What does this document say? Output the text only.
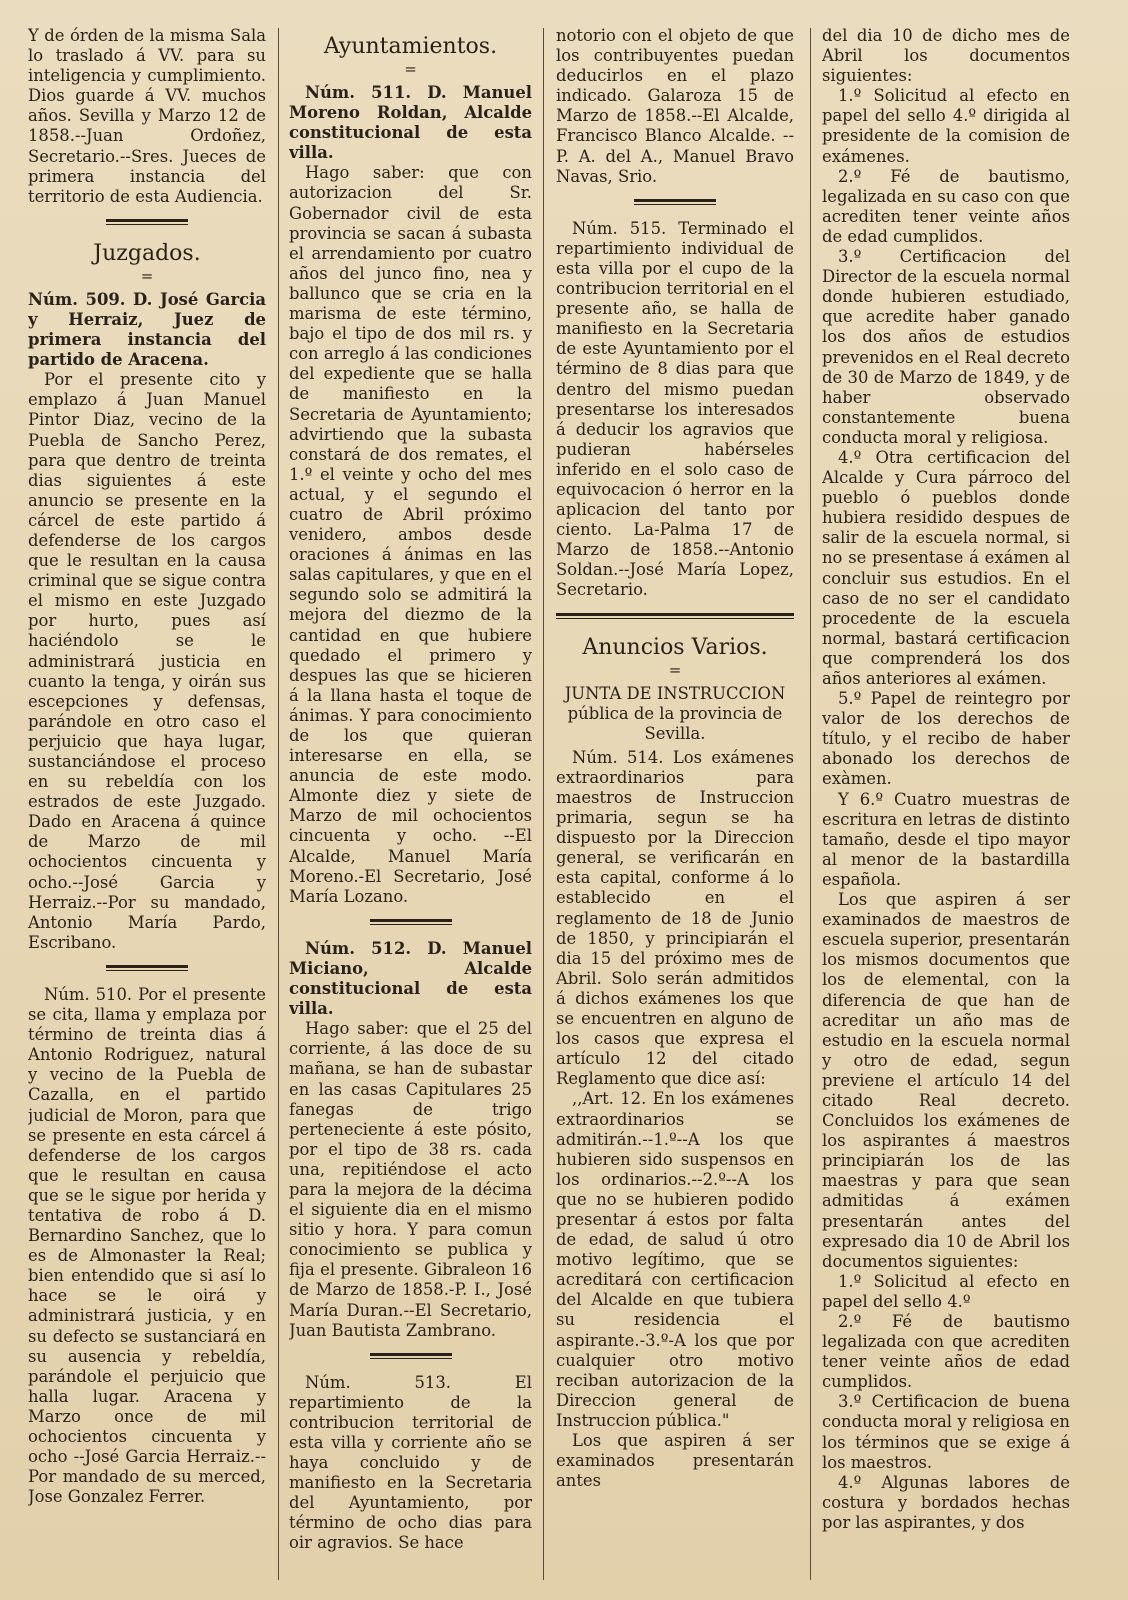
Y de órden de la misma Sala lo traslado á VV. para su inteligencia y cumplimiento. Dios guarde á VV. muchos años. Sevilla y Marzo 12 de 1858.--Juan Ordoñez, Secretario.--Sres. Jueces de primera instancia del territorio de esta Audiencia.

Juzgados.

=

Núm. 509. D. José Garcia y Herraiz, Juez de primera instancia del partido de Aracena.

Por el presente cito y emplazo á Juan Manuel Pintor Diaz, vecino de la Puebla de Sancho Perez, para que dentro de treinta dias siguientes á este anuncio se presente en la cárcel de este partido á defenderse de los cargos que le resultan en la causa criminal que se sigue contra el mismo en este Juzgado por hurto, pues así haciéndolo se le administrará justicia en cuanto la tenga, y oirán sus escepciones y defensas, parándole en otro caso el perjuicio que haya lugar, sustanciándose el proceso en su rebeldía con los estrados de este Juzgado. Dado en Aracena á quince de Marzo de mil ochocientos cincuenta y ocho.--José Garcia y Herraiz.--Por su mandado, Antonio María Pardo, Escribano.

Núm. 510. Por el presente se cita, llama y emplaza por término de treinta dias á Antonio Rodriguez, natural y vecino de la Puebla de Cazalla, en el partido judicial de Moron, para que se presente en esta cárcel á defenderse de los cargos que le resultan en causa que se le sigue por herida y tentativa de robo á D. Bernardino Sanchez, que lo es de Almonaster la Real; bien entendido que si así lo hace se le oirá y administrará justicia, y en su defecto se sustanciará en su ausencia y rebeldía, parándole el perjuicio que halla lugar. Aracena y Marzo once de mil ochocientos cincuenta y ocho --José Garcia Herraiz.--Por mandado de su merced, Jose Gonzalez Ferrer.

Ayuntamientos.

=

Núm. 511. D. Manuel Moreno Roldan, Alcalde constitucional de esta villa.

Hago saber: que con autorizacion del Sr. Gobernador civil de esta provincia se sacan á subasta el arrendamiento por cuatro años del junco fino, nea y ballunco que se cria en la marisma de este término, bajo el tipo de dos mil rs. y con arreglo á las condiciones del expediente que se halla de manifiesto en la Secretaria de Ayuntamiento; advirtiendo que la subasta constará de dos remates, el 1.º el veinte y ocho del mes actual, y el segundo el cuatro de Abril próximo venidero, ambos desde oraciones á ánimas en las salas capitulares, y que en el segundo solo se admitirá la mejora del diezmo de la cantidad en que hubiere quedado el primero y despues las que se hicieren á la llana hasta el toque de ánimas. Y para conocimiento de los que quieran interesarse en ella, se anuncia de este modo. Almonte diez y siete de Marzo de mil ochocientos cincuenta y ocho. --El Alcalde, Manuel María Moreno.-El Secretario, José María Lozano.

Núm. 512. D. Manuel Miciano, Alcalde constitucional de esta villa.

Hago saber: que el 25 del corriente, á las doce de su mañana, se han de subastar en las casas Capitulares 25 fanegas de trigo perteneciente á este pósito, por el tipo de 38 rs. cada una, repitiéndose el acto para la mejora de la décima el siguiente dia en el mismo sitio y hora. Y para comun conocimiento se publica y fija el presente. Gibraleon 16 de Marzo de 1858.-P. I., José María Duran.--El Secretario, Juan Bautista Zambrano.

Núm. 513. El repartimiento de la contribucion territorial de esta villa y corriente año se haya concluido y de manifiesto en la Secretaria del Ayuntamiento, por término de ocho dias para oir agravios. Se hace

notorio con el objeto de que los contribuyentes puedan deducirlos en el plazo indicado. Galaroza 15 de Marzo de 1858.--El Alcalde, Francisco Blanco Alcalde. --P. A. del A., Manuel Bravo Navas, Srio.

Núm. 515. Terminado el repartimiento individual de esta villa por el cupo de la contribucion territorial en el presente año, se halla de manifiesto en la Secretaria de este Ayuntamiento por el término de 8 dias para que dentro del mismo puedan presentarse los interesados á deducir los agravios que pudieran habérseles inferido en el solo caso de equivocacion ó herror en la aplicacion del tanto por ciento. La-Palma 17 de Marzo de 1858.--Antonio Soldan.--José María Lopez, Secretario.

Anuncios Varios.

=

JUNTA DE INSTRUCCION pública de la provincia de Sevilla.

Núm. 514. Los exámenes extraordinarios para maestros de Instruccion primaria, segun se ha dispuesto por la Direccion general, se verificarán en esta capital, conforme á lo establecido en el reglamento de 18 de Junio de 1850, y principiarán el dia 15 del próximo mes de Abril. Solo serán admitidos á dichos exámenes los que se encuentren en alguno de los casos que expresa el artículo 12 del citado Reglamento que dice así:

,,Art. 12. En los exámenes extraordinarios se admitirán.--1.º--A los que hubieren sido suspensos en los ordinarios.--2.º--A los que no se hubieren podido presentar á estos por falta de edad, de salud ú otro motivo legítimo, que se acreditará con certificacion del Alcalde en que tubiera su residencia el aspirante.-3.º-A los que por cualquier otro motivo reciban autorizacion de la Direccion general de Instruccion pública."

Los que aspiren á ser examinados presentarán antes

del dia 10 de dicho mes de Abril los documentos siguientes:

1.º Solicitud al efecto en papel del sello 4.º dirigida al presidente de la comision de exámenes.

2.º Fé de bautismo, legalizada en su caso con que acrediten tener veinte años de edad cumplidos.

3.º Certificacion del Director de la escuela normal donde hubieren estudiado, que acredite haber ganado los dos años de estudios prevenidos en el Real decreto de 30 de Marzo de 1849, y de haber observado constantemente buena conducta moral y religiosa.

4.º Otra certificacion del Alcalde y Cura párroco del pueblo ó pueblos donde hubiera residido despues de salir de la escuela normal, si no se presentase á exámen al concluir sus estudios. En el caso de no ser el candidato procedente de la escuela normal, bastará certificacion que comprenderá los dos años anteriores al exámen.

5.º Papel de reintegro por valor de los derechos de título, y el recibo de haber abonado los derechos de exàmen.

Y 6.º Cuatro muestras de escritura en letras de distinto tamaño, desde el tipo mayor al menor de la bastardilla española.

Los que aspiren á ser examinados de maestros de escuela superior, presentarán los mismos documentos que los de elemental, con la diferencia de que han de acreditar un año mas de estudio en la escuela normal y otro de edad, segun previene el artículo 14 del citado Real decreto. Concluidos los exámenes de los aspirantes á maestros principiarán los de las maestras y para que sean admitidas á exámen presentarán antes del expresado dia 10 de Abril los documentos siguientes:

1.º Solicitud al efecto en papel del sello 4.º

2.º Fé de bautismo legalizada con que acrediten tener veinte años de edad cumplidos.

3.º Certificacion de buena conducta moral y religiosa en los términos que se exige á los maestros.

4.º Algunas labores de costura y bordados hechas por las aspirantes, y dos
